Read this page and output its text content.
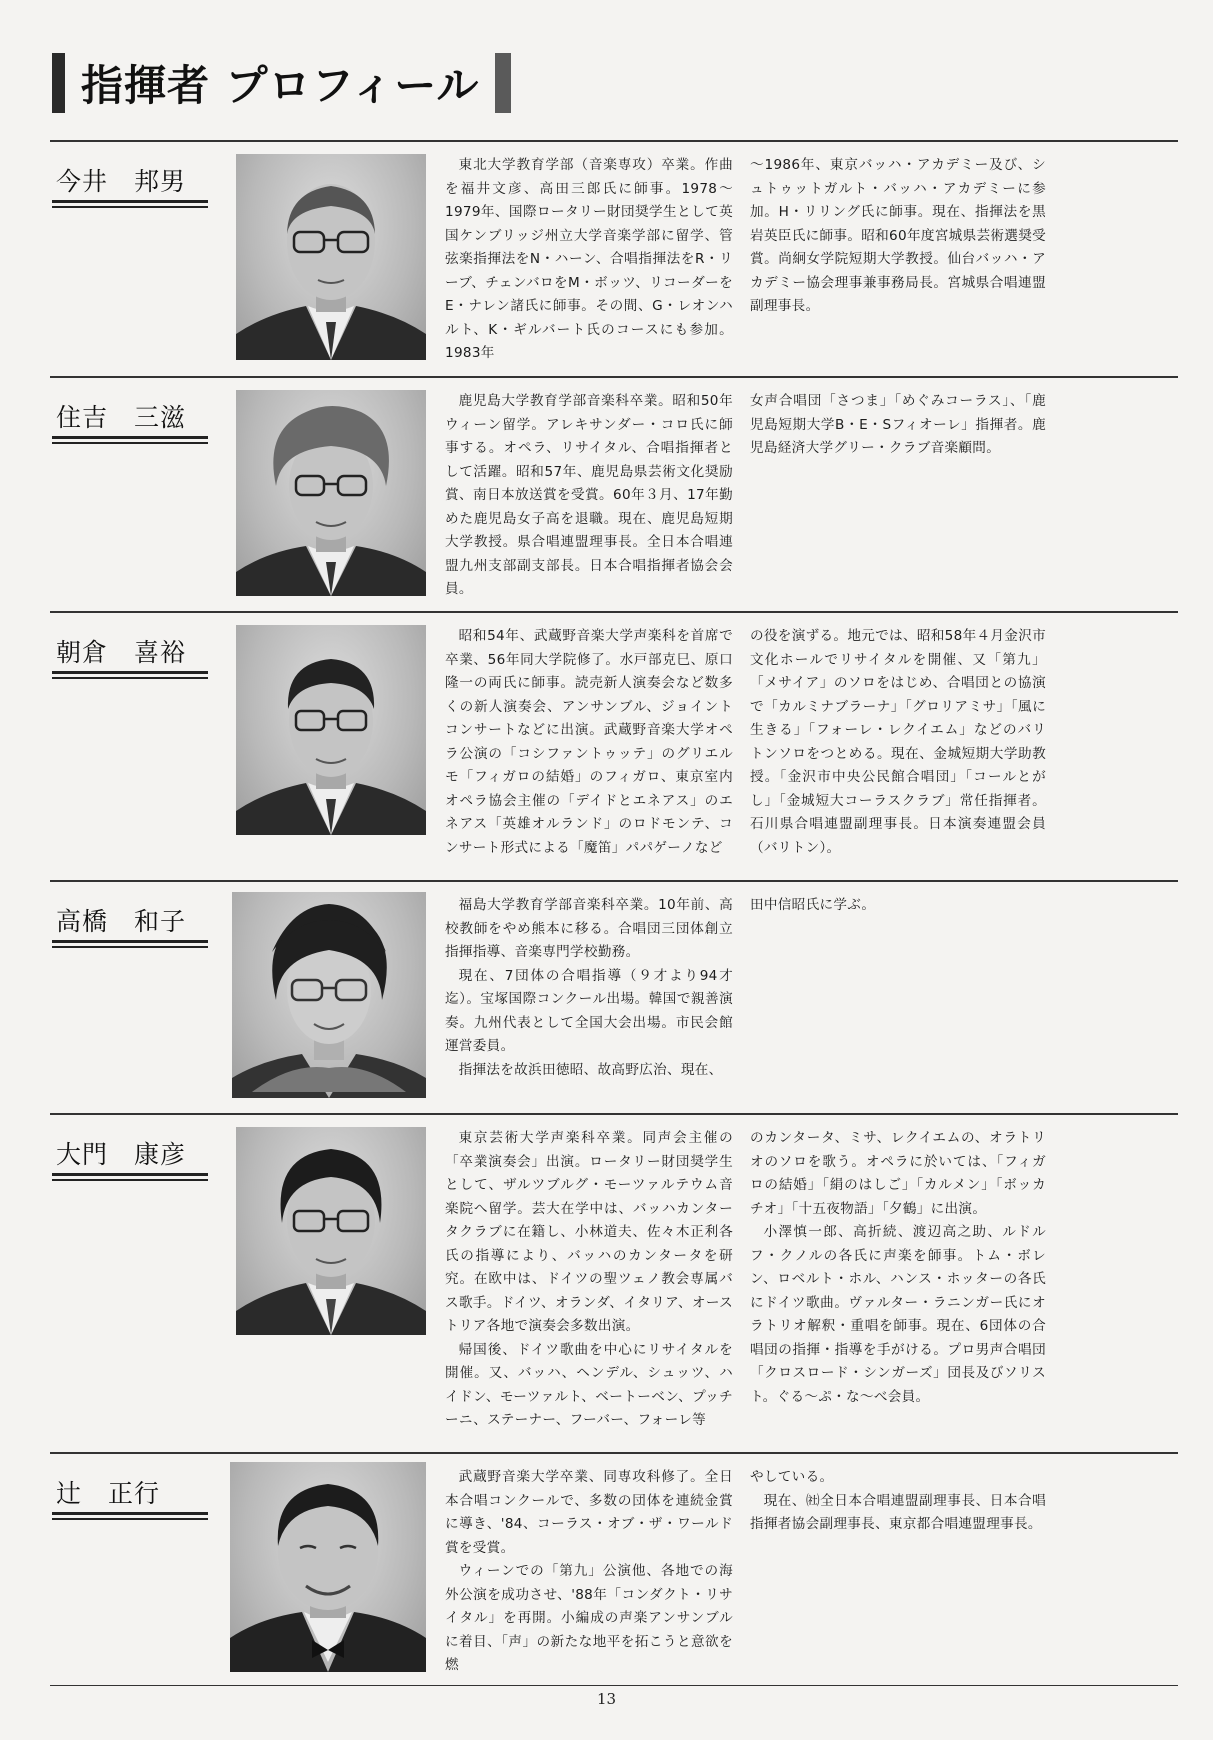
指揮者 プロフィール
今井　邦男

東北大学教育学部（音楽専攻）卒業。作曲を福井文彦、高田三郎氏に師事。1978〜1979年、国際ロータリー財団奨学生として英国ケンブリッジ州立大学音楽学部に留学、管弦楽指揮法をN・ハーン、合唱指揮法をR・リーブ、チェンバロをM・ボッツ、リコーダーをE・ナレン諸氏に師事。その間、G・レオンハルト、K・ギルバート氏のコースにも参加。1983年

〜1986年、東京バッハ・アカデミー及び、シュトゥットガルト・バッハ・アカデミーに参加。H・リリング氏に師事。現在、指揮法を黒岩英臣氏に師事。昭和60年度宮城県芸術選奨受賞。尚絅女学院短期大学教授。仙台バッハ・アカデミー協会理事兼事務局長。宮城県合唱連盟副理事長。

住吉　三滋

鹿児島大学教育学部音楽科卒業。昭和50年ウィーン留学。アレキサンダー・コロ氏に師事する。オペラ、リサイタル、合唱指揮者として活躍。昭和57年、鹿児島県芸術文化奨励賞、南日本放送賞を受賞。60年３月、17年勤めた鹿児島女子高を退職。現在、鹿児島短期大学教授。県合唱連盟理事長。全日本合唱連盟九州支部副支部長。日本合唱指揮者協会会員。

女声合唱団「さつま」「めぐみコーラス」、「鹿児島短期大学B・E・Sフィオーレ」指揮者。鹿児島経済大学グリー・クラブ音楽顧問。

朝倉　喜裕

昭和54年、武蔵野音楽大学声楽科を首席で卒業、56年同大学院修了。水戸部克巳、原口隆一の両氏に師事。読売新人演奏会など数多くの新人演奏会、アンサンブル、ジョイントコンサートなどに出演。武蔵野音楽大学オペラ公演の「コシファントゥッテ」のグリエルモ「フィガロの結婚」のフィガロ、東京室内オペラ協会主催の「デイドとエネアス」のエネアス「英雄オルランド」のロドモンテ、コンサート形式による「魔笛」パパゲーノなど

の役を演ずる。地元では、昭和58年４月金沢市文化ホールでリサイタルを開催、又「第九」「メサイア」のソロをはじめ、合唱団との協演で「カルミナブラーナ」「グロリアミサ」「風に生きる」「フォーレ・レクイエム」などのバリトンソロをつとめる。現在、金城短期大学助教授。「金沢市中央公民館合唱団」「コールとがし」「金城短大コーラスクラブ」常任指揮者。石川県合唱連盟副理事長。日本演奏連盟会員（バリトン）。

高橋　和子

福島大学教育学部音楽科卒業。10年前、高校教師をやめ熊本に移る。合唱団三団体創立指揮指導、音楽専門学校勤務。

現在、7団体の合唱指導（９才より94才迄）。宝塚国際コンクール出場。韓国で親善演奏。九州代表として全国大会出場。市民会館運営委員。

指揮法を故浜田徳昭、故高野広治、現在、

田中信昭氏に学ぶ。

大門　康彦

東京芸術大学声楽科卒業。同声会主催の「卒業演奏会」出演。ロータリー財団奨学生として、ザルツブルグ・モーツァルテウム音楽院へ留学。芸大在学中は、バッハカンタータクラブに在籍し、小林道夫、佐々木正利各氏の指導により、バッハのカンタータを研究。在欧中は、ドイツの聖ツェノ教会専属バス歌手。ドイツ、オランダ、イタリア、オーストリア各地で演奏会多数出演。

帰国後、ドイツ歌曲を中心にリサイタルを開催。又、バッハ、ヘンデル、シュッツ、ハイドン、モーツァルト、ベートーベン、プッチーニ、ステーナー、フーバー、フォーレ等

のカンタータ、ミサ、レクイエムの、オラトリオのソロを歌う。オペラに於いては、「フィガロの結婚」「絹のはしご」「カルメン」「ボッカチオ」「十五夜物語」「夕鶴」に出演。

小澤慎一郎、高折続、渡辺高之助、ルドルフ・クノルの各氏に声楽を師事。トム・ボレン、ロベルト・ホル、ハンス・ホッターの各氏にドイツ歌曲。ヴァルター・ラニンガー氏にオラトリオ解釈・重唱を師事。現在、6団体の合唱団の指揮・指導を手がける。プロ男声合唱団「クロスロード・シンガーズ」団長及びソリスト。ぐる〜ぷ・な〜べ会員。

辻　正行

武蔵野音楽大学卒業、同専攻科修了。全日本合唱コンクールで、多数の団体を連続金賞に導き、'84、コーラス・オブ・ザ・ワールド賞を受賞。

ウィーンでの「第九」公演他、各地での海外公演を成功させ、'88年「コンダクト・リサイタル」を再開。小編成の声楽アンサンブルに着目、「声」の新たな地平を拓こうと意欲を燃

やしている。

現在、㈳全日本合唱連盟副理事長、日本合唱指揮者協会副理事長、東京都合唱連盟理事長。

13
